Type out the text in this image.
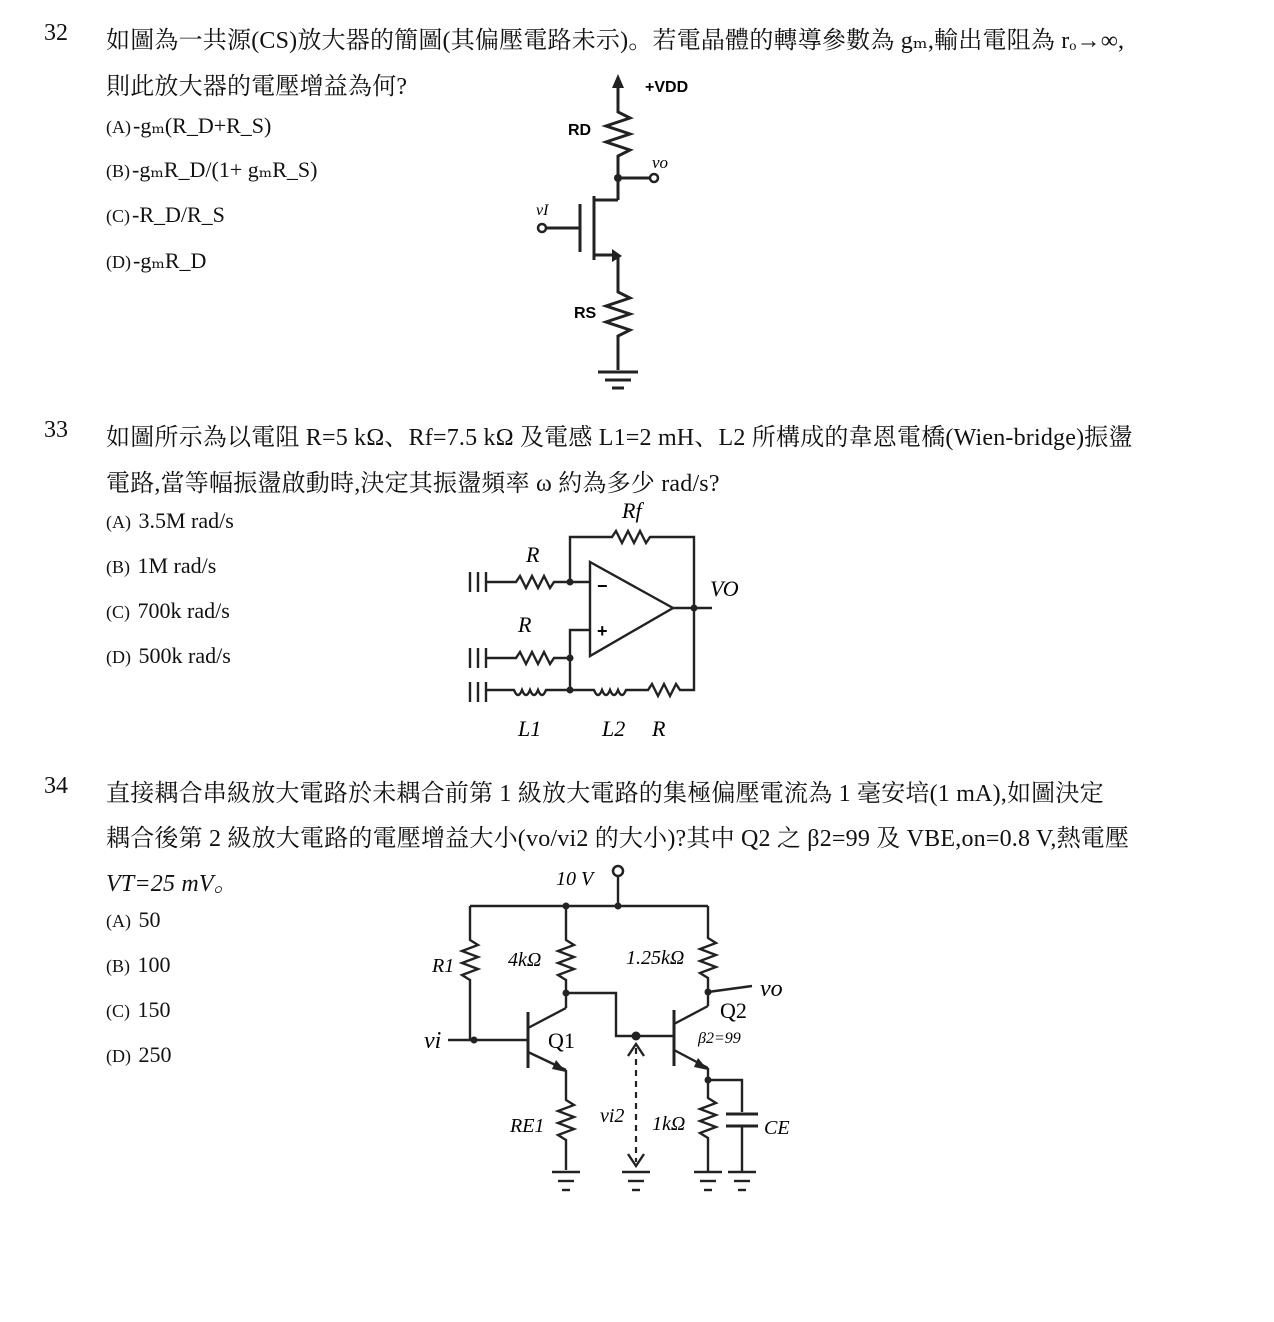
32 如圖為一共源(CS)放大器的簡圖(其偏壓電路未示)。若電晶體的轉導參數為 gₘ,輸出電阻為 rₒ→∞,
則此放大器的電壓增益為何?
(A)-gₘ(R_D+R_S)
(B)-gₘR_D/(1+ gₘR_S)
(C)-R_D/R_S
(D)-gₘR_D
+VDD
RD
vo
vI
RS
33 如圖所示為以電阻 R=5 kΩ、Rf=7.5 kΩ 及電感 L1=2 mH、L2 所構成的韋恩電橋(Wien-bridge)振盪
電路,當等幅振盪啟動時,決定其振盪頻率 ω 約為多少 rad/s?
(A) 3.5M rad/s
(B) 1M rad/s
(C) 700k rad/s
(D) 500k rad/s
Rf
−
+
VO
R
R
L1	L2 R
34 直接耦合串級放大電路於未耦合前第 1 級放大電路的集極偏壓電流為 1 毫安培(1 mA),如圖決定
耦合後第 2 級放大電路的電壓增益大小(vo/vi2 的大小)?其中 Q2 之 β2=99 及 VBE,on=0.8 V,熱電壓
VT=25 mV。
(A) 50
(B) 100
(C) 150
(D) 250
10 V
R1
vi
4kΩ
Q1
RE1	vi2
1.25kΩ
vo
Q2
β2=99
1kΩ	CE
